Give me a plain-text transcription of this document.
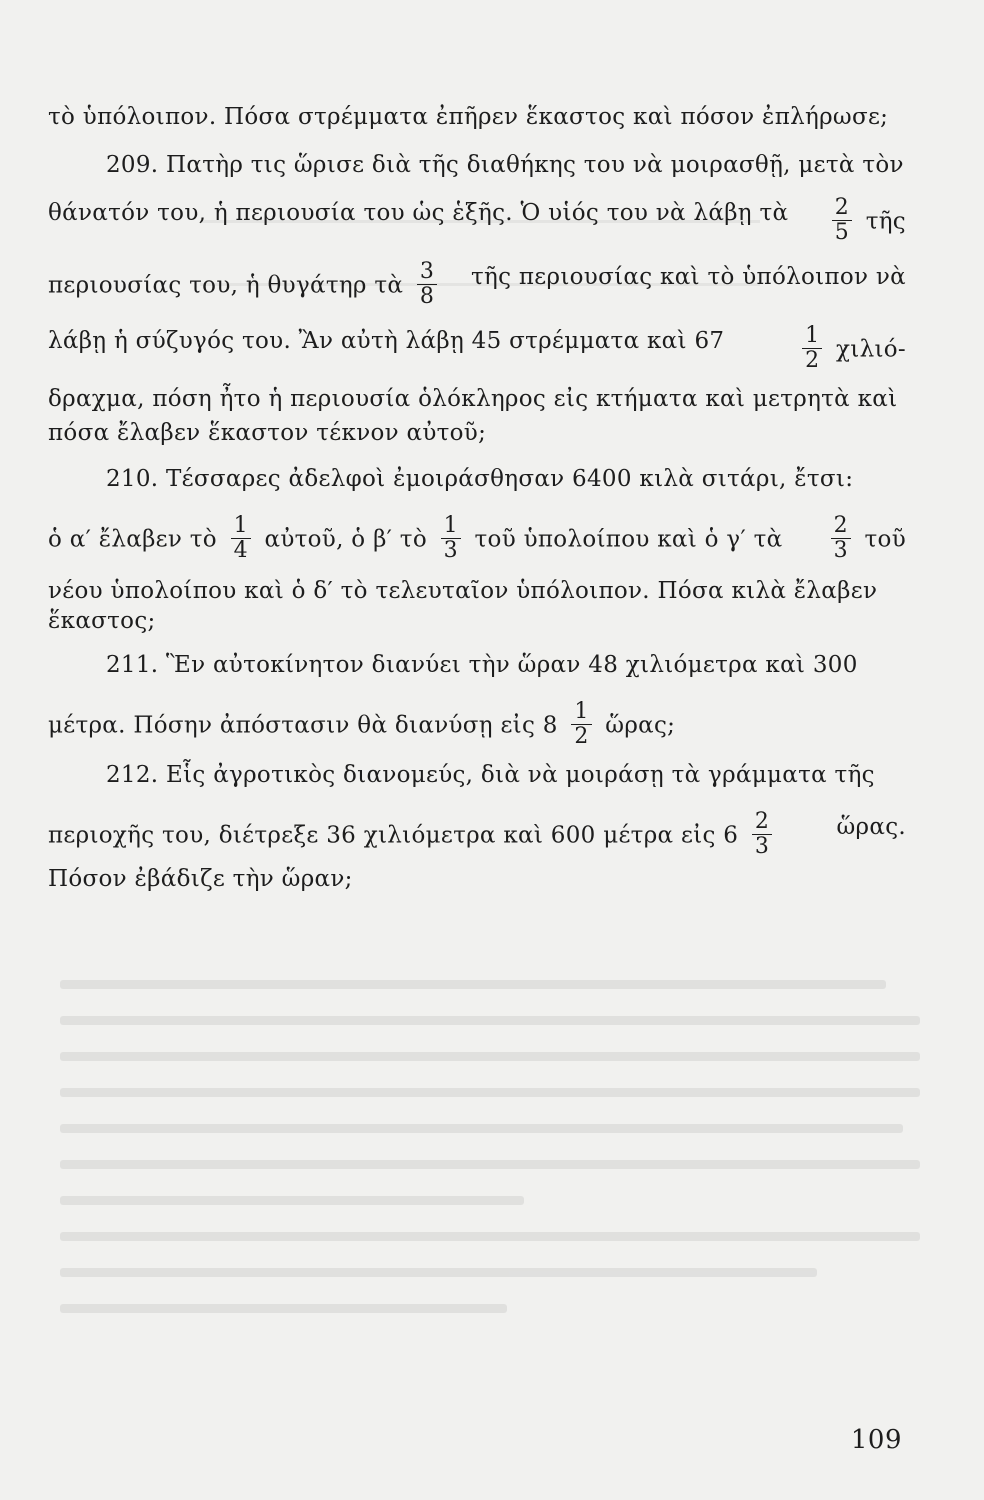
τὸ ὑπόλοιπον. Πόσα στρέμματα ἐπῆρεν ἕκαστος καὶ πόσον ἐπλήρωσε;
209. Πατὴρ τις ὥρισε διὰ τῆς διαθήκης του νὰ μοιρασθῇ, μετὰ τὸν
θάνατόν του, ἡ περιουσία του ὡς ἑξῆς. Ὁ υἱός του νὰ λάβῃ τὰ $\frac{2}{5}$ τῆς
περιουσίας του, ἡ θυγάτηρ τὰ $\frac{3}{8}$ τῆς περιουσίας καὶ τὸ ὑπόλοιπον νὰ
λάβῃ ἡ σύζυγός του. Ἂν αὐτὴ λάβῃ 45 στρέμματα καὶ 67	$\frac{1}{2} \chi\iota\lambda\iota ό-$
δραχμα, πόση ἦτο ἡ περιουσία ὁλόκληρος εἰς κτήματα καὶ μετρητὰ καὶ
πόσα ἔλαβεν ἕκαστον τέκνον αὐτοῦ;
210. Τέσσαρες ἀδελφοὶ ἐμοιράσθησαν 6400 κιλὰ σιτάρι, ἔτσι:
ὁ α′ ἔλαβεν τὸ $\frac{1}{4}$ αὐτοῦ, ὁ β′ τὸ $\frac{1}{3}$ τοῦ ὑπολοίπου καὶ ὁ γ′ τὰ $\frac{2}{3}$ τοῦ
νέου ὑπολοίπου καὶ ὁ δ′ τὸ τελευταῖον ὑπόλοιπον. Πόσα κιλὰ ἔλαβεν
ἕκαστος;
211. Ἓν αὐτοκίνητον διανύει τὴν ὥραν 48 χιλιόμετρα καὶ 300
μέτρα. Πόσην ἀπόστασιν θὰ διανύσῃ εἰς $8 \frac{1}{2}$ ὥρας;
212. Εἷς ἀγροτικὸς διανομεύς, διὰ νὰ μοιράσῃ τὰ γράμματα τῆς
περιοχῆς του, διέτρεξε 36 χιλιόμετρα καὶ 600 μέτρα εἰς $6 \frac{2}{3}$	ὥρας.
Πόσον ἐβάδιζε τὴν ὥραν;
109
